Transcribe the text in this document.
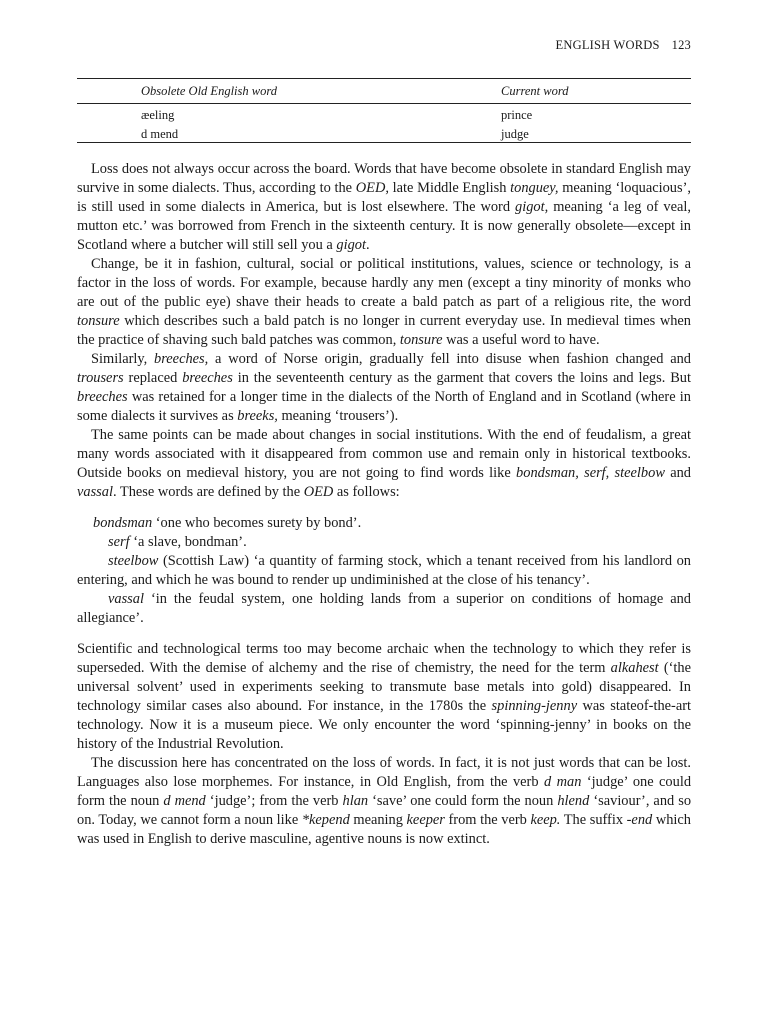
ENGLISH WORDS 123
Obsolete Old English word	Current word
æeling	prince
d mend	judge

Loss does not always occur across the board. Words that have become obsolete in standard English may survive in some dialects. Thus, according to the OED, late Middle English tonguey, meaning ‘loquacious’, is still used in some dialects in America, but is lost elsewhere. The word gigot, meaning ‘a leg of veal, mutton etc.’ was borrowed from French in the sixteenth century. It is now generally obsolete—except in Scotland where a butcher will still sell you a gigot.

Change, be it in fashion, cultural, social or political institutions, values, science or technology, is a factor in the loss of words. For example, because hardly any men (except a tiny minority of monks who are out of the public eye) shave their heads to create a bald patch as part of a religious rite, the word tonsure which describes such a bald patch is no longer in current everyday use. In medieval times when the practice of shaving such bald patches was common, tonsure was a useful word to have.

Similarly, breeches, a word of Norse origin, gradually fell into disuse when fashion changed and trousers replaced breeches in the seventeenth century as the garment that covers the loins and legs. But breeches was retained for a longer time in the dialects of the North of England and in Scotland (where in some dialects it survives as breeks, meaning ‘trousers’).

The same points can be made about changes in social institutions. With the end of feudalism, a great many words associated with it disappeared from common use and remain only in historical textbooks. Outside books on medieval history, you are not going to find words like bondsman, serf, steelbow and vassal. These words are defined by the OED as follows:

bondsman ‘one who becomes surety by bond’.

serf ‘a slave, bondman’.

steelbow (Scottish Law) ‘a quantity of farming stock, which a tenant received from his landlord on entering, and which he was bound to render up undiminished at the close of his tenancy’.

vassal ‘in the feudal system, one holding lands from a superior on conditions of homage and allegiance’.

Scientific and technological terms too may become archaic when the technology to which they refer is superseded. With the demise of alchemy and the rise of chemistry, the need for the term alkahest (‘the universal solvent’ used in experiments seeking to transmute base metals into gold) disappeared. In technology similar cases also abound. For instance, in the 1780s the spinning-jenny was stateof-the-art technology. Now it is a museum piece. We only encounter the word ‘spinning-jenny’ in books on the history of the Industrial Revolution.

The discussion here has concentrated on the loss of words. In fact, it is not just words that can be lost. Languages also lose morphemes. For instance, in Old English, from the verb d man ‘judge’ one could form the noun d mend ‘judge’; from the verb hlan ‘save’ one could form the noun hlend ‘saviour’, and so on. Today, we cannot form a noun like *kepend meaning keeper from the verb keep. The suffix -end which was used in English to derive masculine, agentive nouns is now extinct.
